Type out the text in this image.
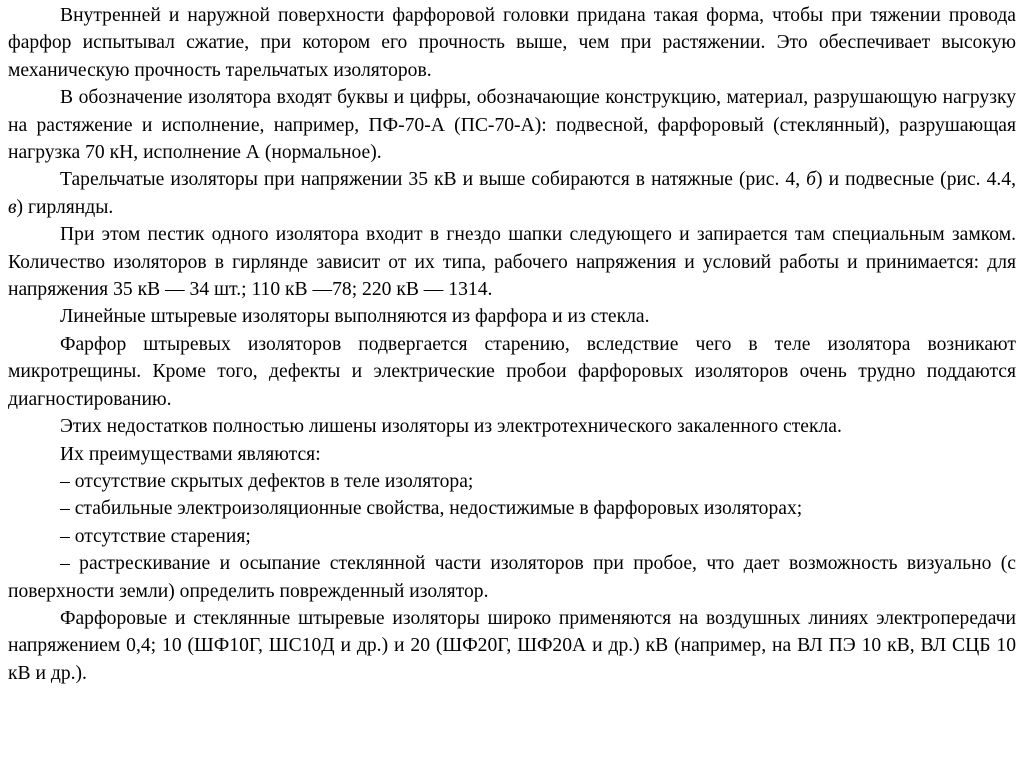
Внутренней и наружной поверхности фарфоровой головки придана такая форма, чтобы при тяжении провода фарфор испытывал сжатие, при котором его прочность выше, чем при растяжении. Это обеспечивает высокую механическую прочность тарельчатых изоляторов.

В обозначение изолятора входят буквы и цифры, обозначающие конструкцию, материал, разрушающую нагрузку на растяжение и исполнение, например, ПФ-70-А (ПС-70-А): подвесной, фарфоровый (стеклянный), разрушающая нагрузка 70 кН, исполнение А (нормальное).

Тарельчатые изоляторы при напряжении 35 кВ и выше собираются в натяжные (рис. 4, б) и подвесные (рис. 4.4, в) гирлянды.

При этом пестик одного изолятора входит в гнездо шапки следующего и запирается там специальным замком. Количество изоляторов в гирлянде зависит от их типа, рабочего напряжения и условий работы и принимается: для напряжения 35 кВ — 34 шт.; 110 кВ —78; 220 кВ — 1314.

Линейные штыревые изоляторы выполняются из фарфора и из стекла.

Фарфор штыревых изоляторов подвергается старению, вследствие чего в теле изолятора возникают микротрещины. Кроме того, дефекты и электрические пробои фарфоровых изоляторов очень трудно поддаются диагностированию.

Этих недостатков полностью лишены изоляторы из электротехнического закаленного стекла.

Их преимуществами являются:

– отсутствие скрытых дефектов в теле изолятора;

– стабильные электроизоляционные свойства, недостижимые в фарфоровых изоляторах;

– отсутствие старения;

– растрескивание и осыпание стеклянной части изоляторов при пробое, что дает возможность визуально (с поверхности земли) определить поврежденный изолятор.

Фарфоровые и стеклянные штыревые изоляторы широко применяются на воздушных линиях электропередачи напряжением 0,4; 10 (ШФ10Г, ШС10Д и др.) и 20 (ШФ20Г, ШФ20А и др.) кВ (например, на ВЛ ПЭ 10 кВ, ВЛ СЦБ 10 кВ и др.).
